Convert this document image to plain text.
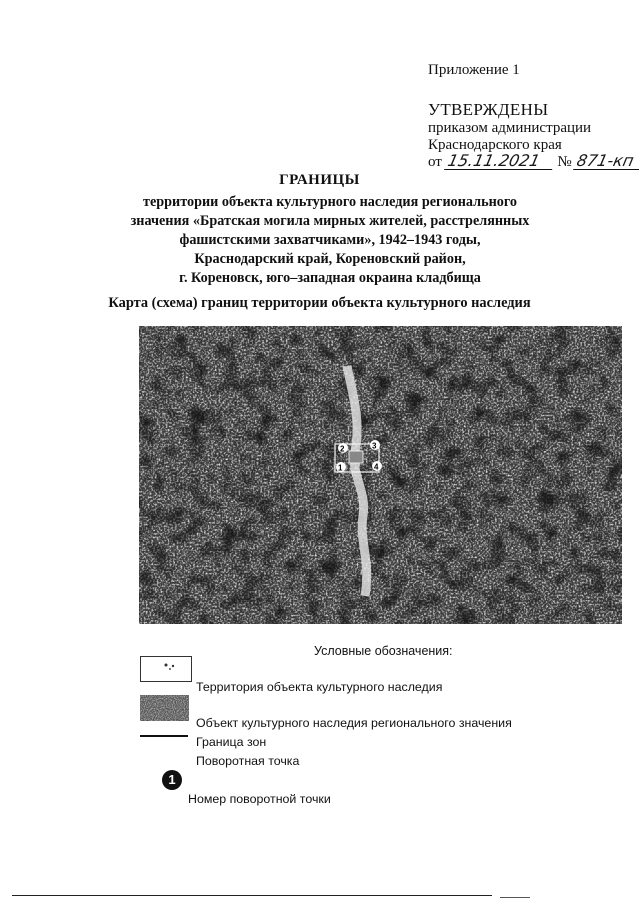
Приложение 1
УТВЕРЖДЕНЫ
приказом администрации
Краснодарского края
от 15.11.2021 № 871-кп
ГРАНИЦЫ
территории объекта культурного наследия регионального
значения «Братская могила мирных жителей, расстрелянных
фашистскими захватчиками», 1942–1943 годы,
Краснодарский край, Кореновский район,
г. Кореновск, юго–западная окраина кладбища
Карта (схема) границ территории объекта культурного наследия
2	3
4
1
Условные обозначения:
Территория объекта культурного наследия
Объект культурного наследия регионального значения
Граница зон
Поворотная точка
1
Номер поворотной точки
